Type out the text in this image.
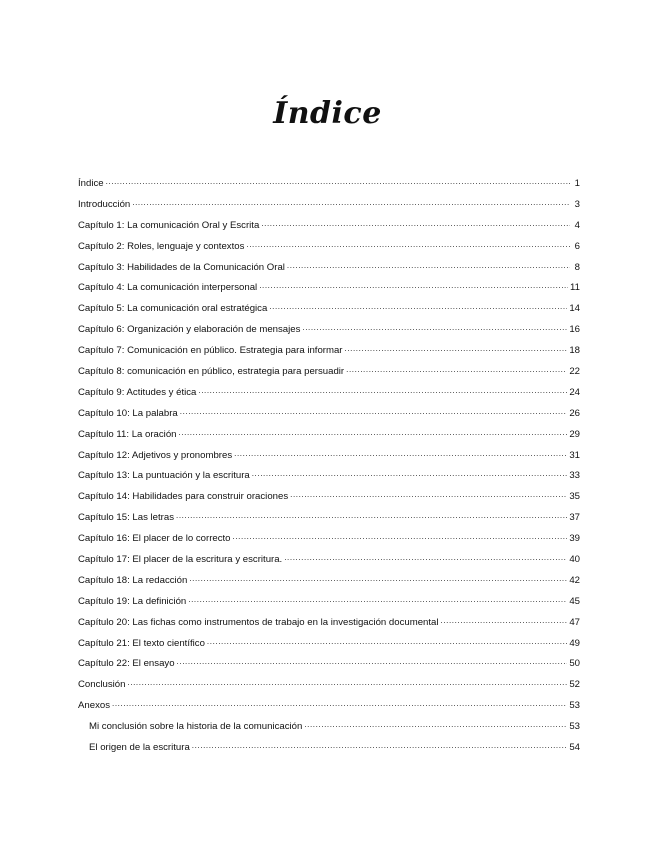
Índice
Índice .....	1
Introducción .....	3
Capítulo 1: La comunicación Oral y Escrita .....	4
Capítulo 2: Roles, lenguaje y contextos .....	6
Capítulo 3: Habilidades de la Comunicación Oral .....	8
Capítulo 4: La comunicación interpersonal .....	11
Capítulo 5: La comunicación oral estratégica .....	14
Capítulo 6: Organización y elaboración de mensajes .....	16
Capítulo 7: Comunicación en público. Estrategia para informar .....	18
Capítulo 8: comunicación en público, estrategia para persuadir .....	22
Capítulo 9: Actitudes y ética .....	24
Capítulo 10: La palabra .....	26
Capítulo 11: La oración .....	29
Capítulo 12: Adjetivos y pronombres .....	31
Capítulo 13: La puntuación y la escritura .....	33
Capítulo 14: Habilidades para construir oraciones .....	35
Capítulo 15: Las letras .....	37
Capítulo 16: El placer de lo correcto .....	39
Capítulo 17: El placer de la escritura y escritura. .....	40
Capítulo 18: La redacción .....	42
Capítulo 19: La definición .....	45
Capítulo 20: Las fichas como instrumentos de trabajo en la investigación documental .....	47
Capítulo 21: El texto científico .....	49
Capítulo 22: El ensayo .....	50
Conclusión .....	52
Anexos .....	53
Mi conclusión sobre la historia de la comunicación .....	53
El origen de la escritura .....	54
